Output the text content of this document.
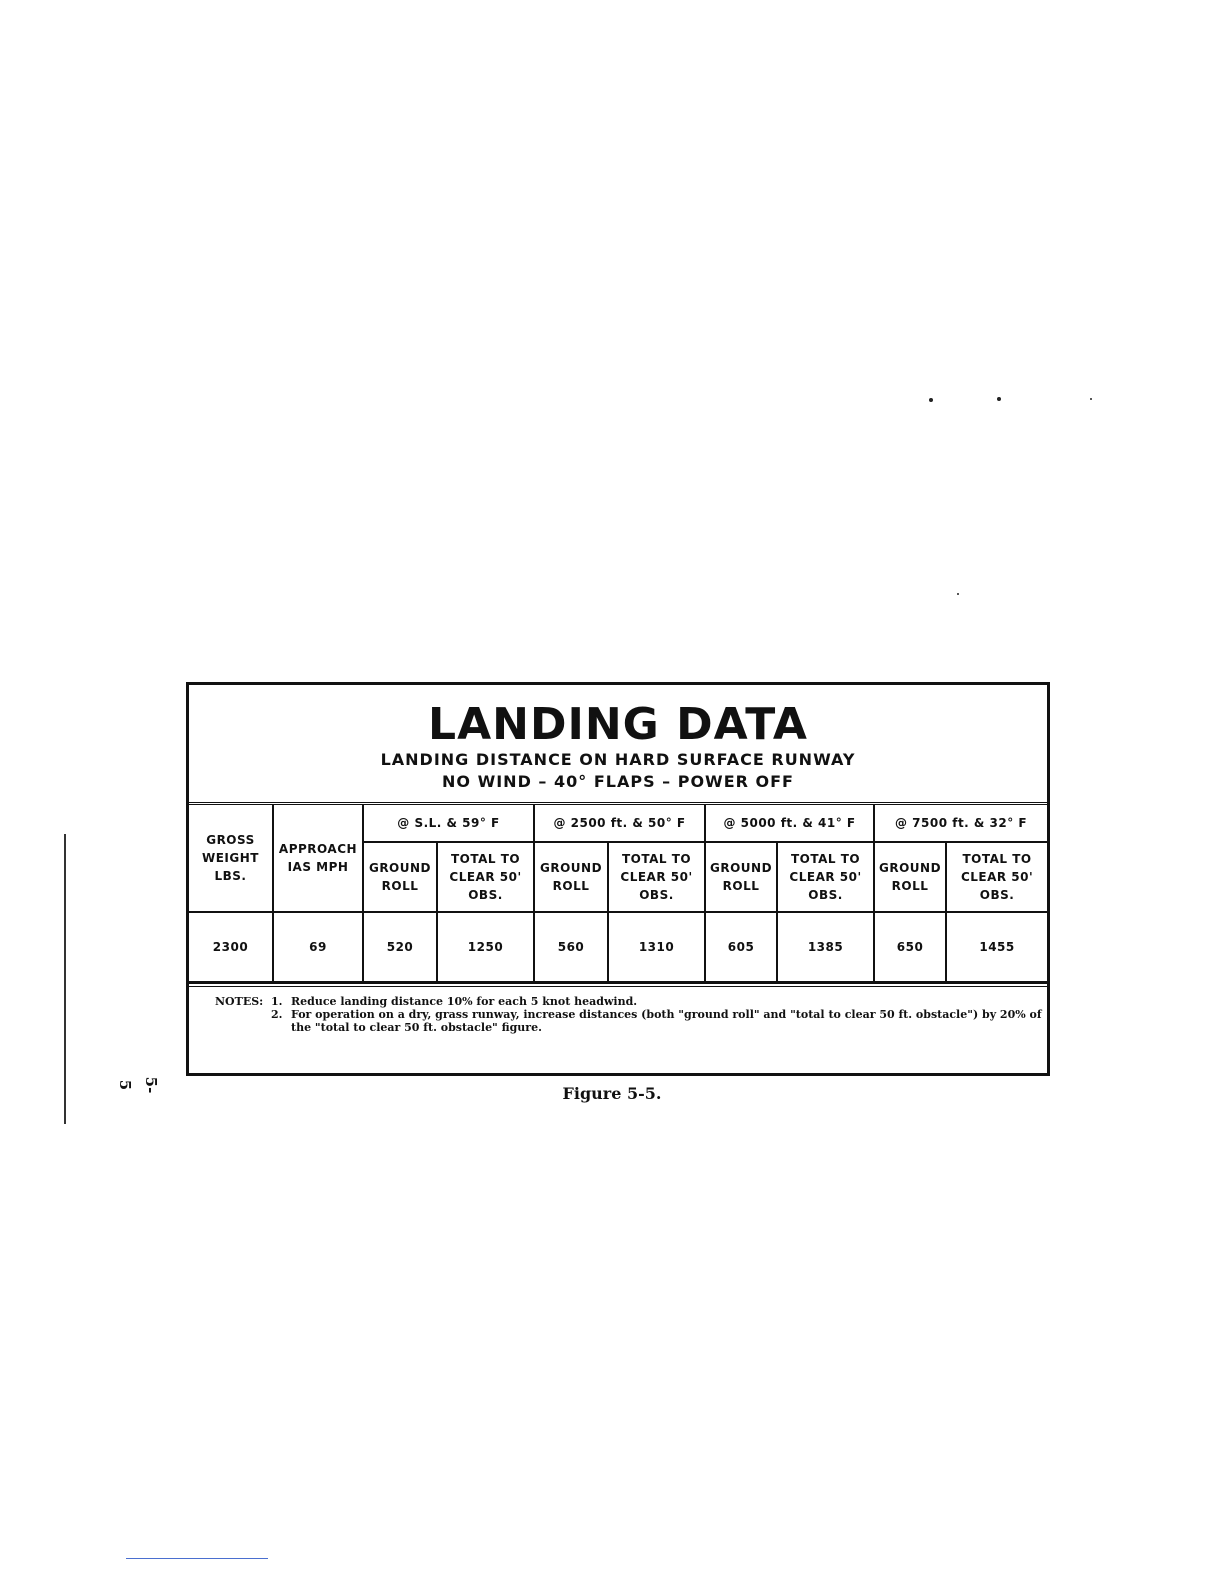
5-5
LANDING DATA
LANDING DISTANCE ON HARD SURFACE RUNWAY
NO WIND – 40° FLAPS – POWER OFF
GROSS WEIGHT LBS.	APPROACH IAS MPH	@ S.L. & 59° F		@ 2500 ft. & 50° F		@ 5000 ft. & 41° F		@ 7500 ft. & 32° F	
		GROUND ROLL	TOTAL TO CLEAR 50' OBS.	GROUND ROLL	TOTAL TO CLEAR 50' OBS.	GROUND ROLL	TOTAL TO CLEAR 50' OBS.	GROUND ROLL	TOTAL TO CLEAR 50' OBS.
2300	69	520	1250	560	1310	605	1385	650	1455
NOTES: 1. Reduce landing distance 10% for each 5 knot headwind.
2. For operation on a dry, grass runway, increase distances (both "ground roll" and "total to clear 50 ft. obstacle") by 20% of the "total to clear 50 ft. obstacle" figure.
Figure 5-5.
